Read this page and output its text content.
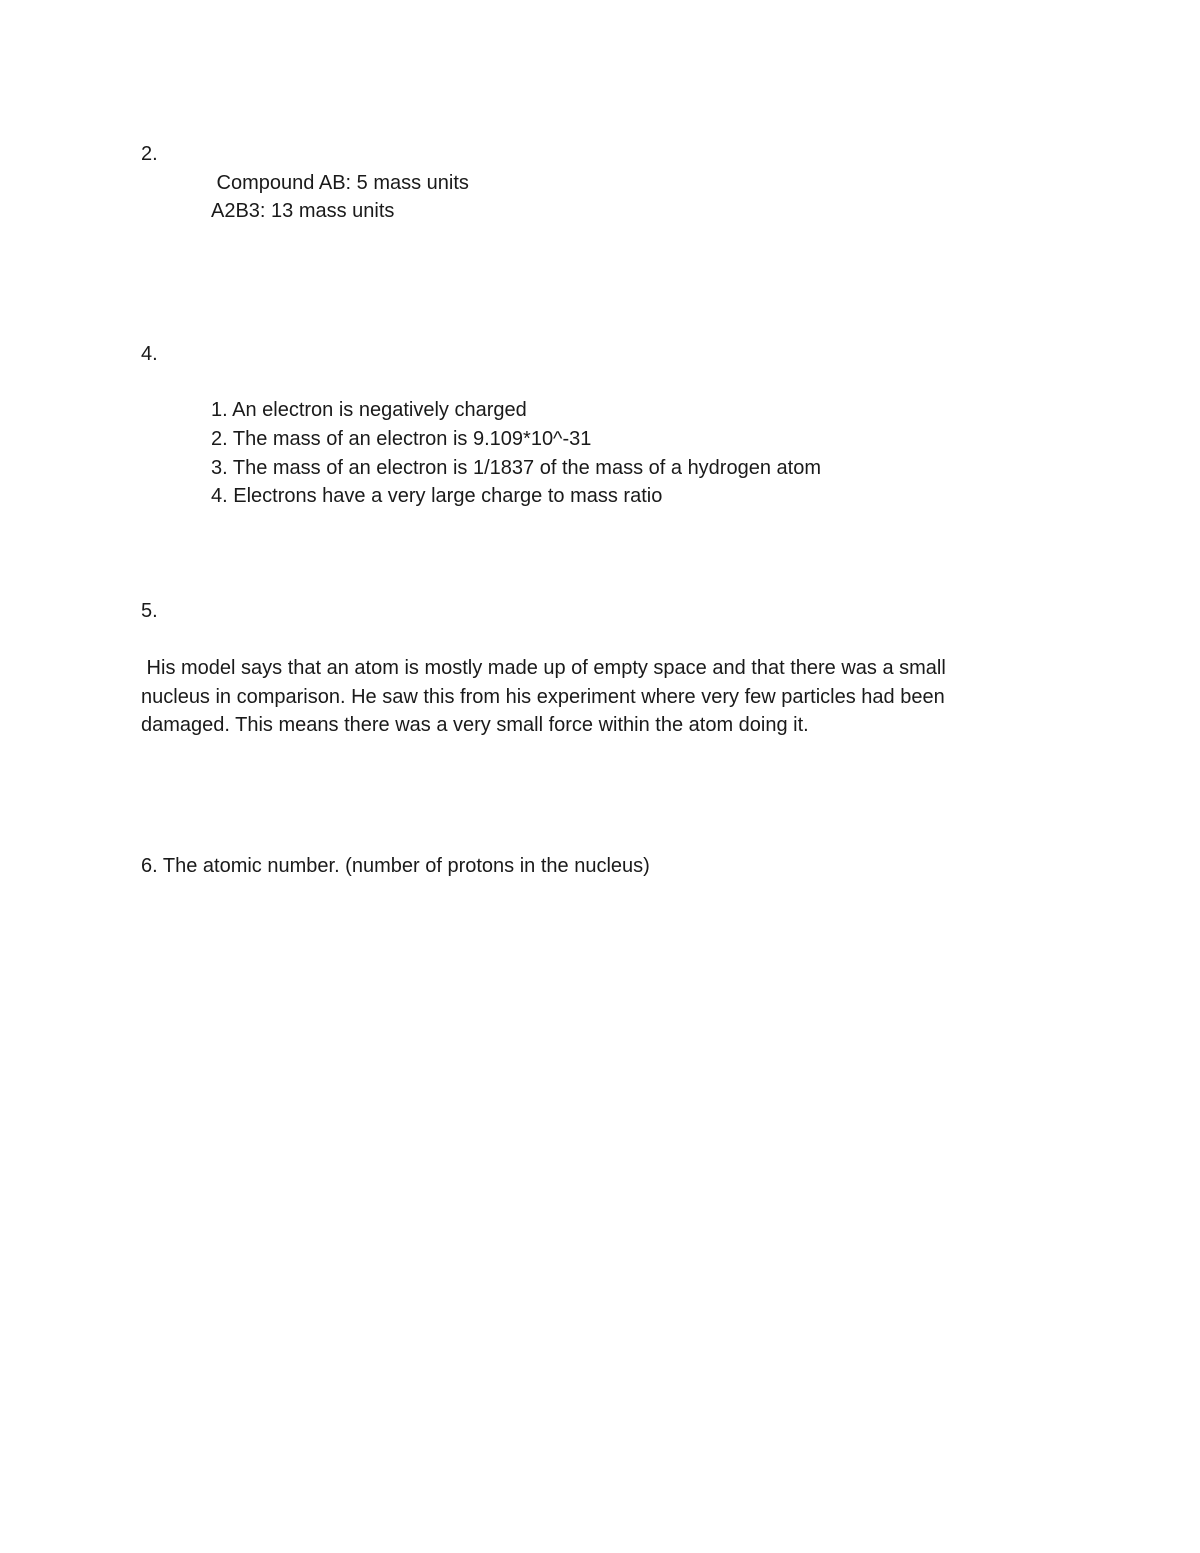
2.

Compound AB: 5 mass units

A2B3: 13 mass units

4.

1. An electron is negatively charged

2. The mass of an electron is 9.109*10^-31

3. The mass of an electron is 1/1837 of the mass of a hydrogen atom

4. Electrons have a very large charge to mass ratio

5.

His model says that an atom is mostly made up of empty space and that there was a small
nucleus in comparison. He saw this from his experiment where very few particles had been
damaged. This means there was a very small force within the atom doing it.

6. The atomic number. (number of protons in the nucleus)
